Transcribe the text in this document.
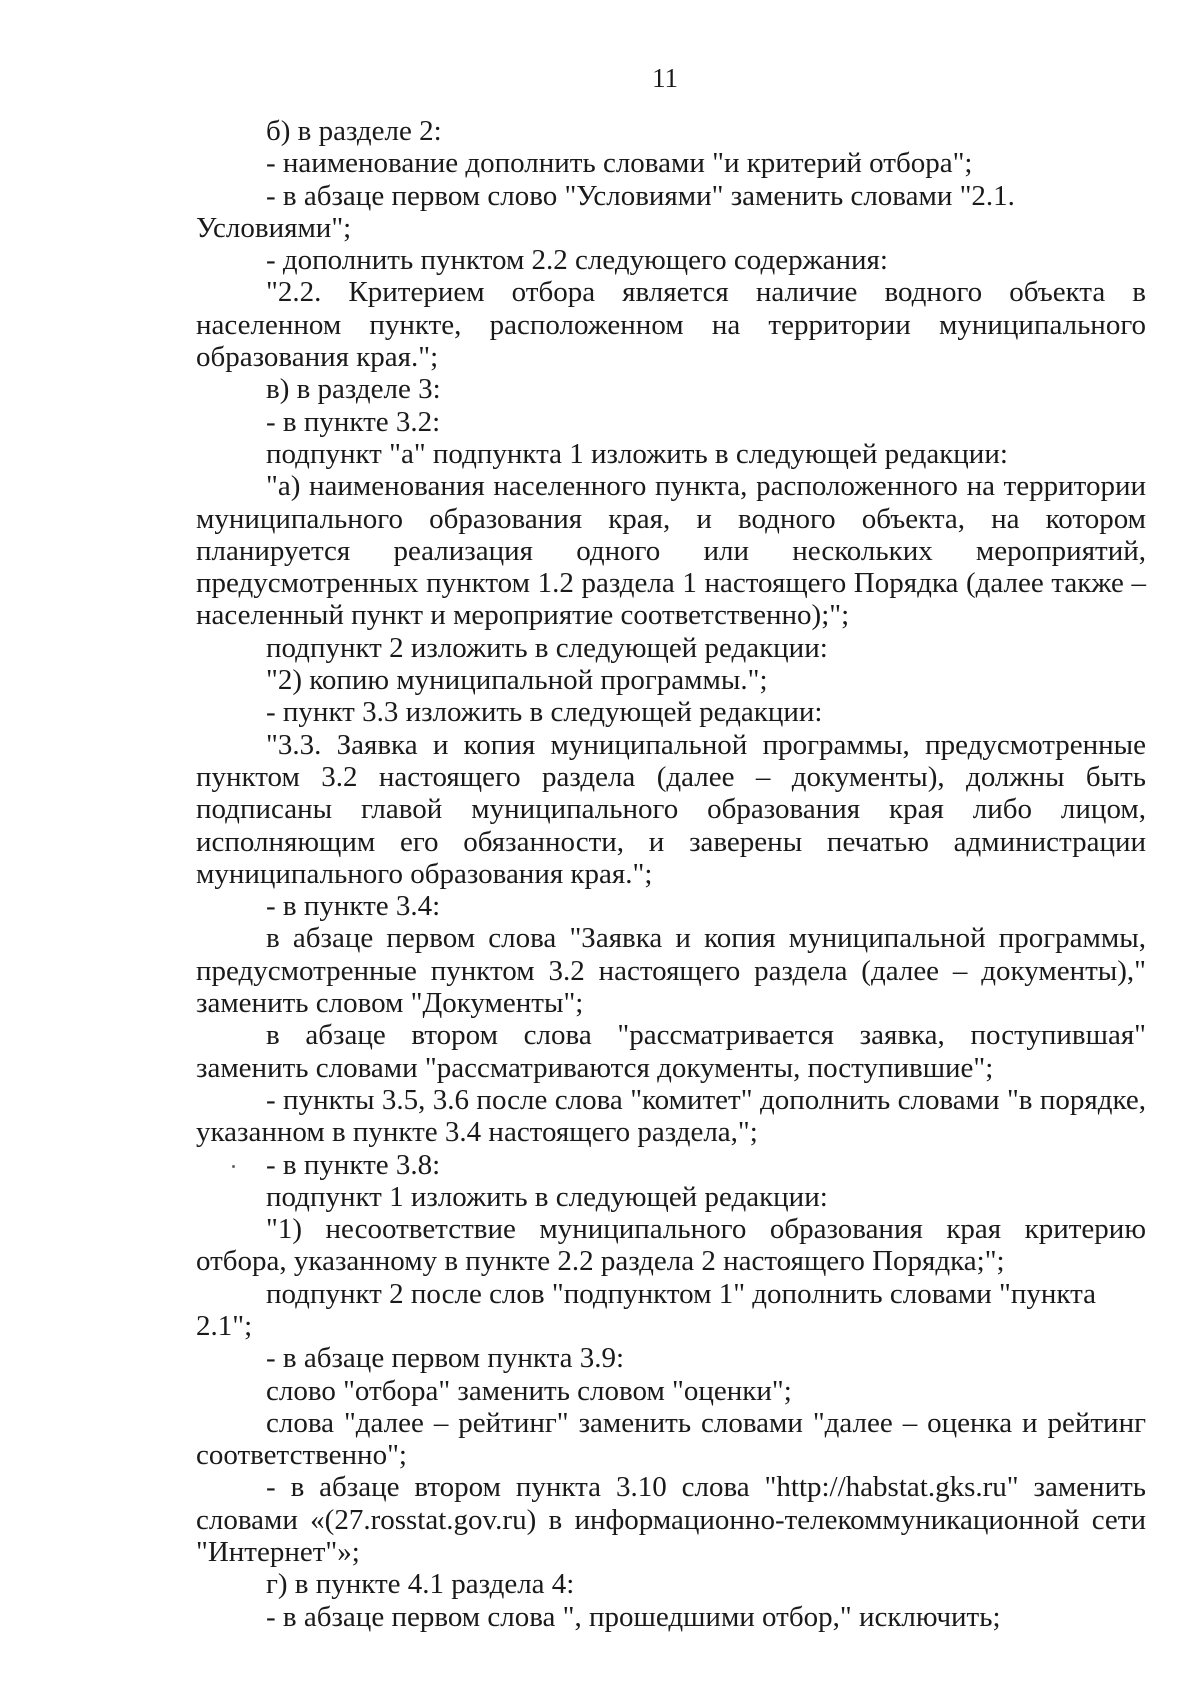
11

б) в разделе 2:

- наименование дополнить словами "и критерий отбора";

- в абзаце первом слово "Условиями" заменить словами "2.1. Условиями";

- дополнить пунктом 2.2 следующего содержания:

"2.2. Критерием отбора является наличие водного объекта в населенном пункте, расположенном на территории муниципального образования края.";

в) в разделе 3:

- в пункте 3.2:

подпункт "а" подпункта 1 изложить в следующей редакции:

"а) наименования населенного пункта, расположенного на территории муниципального образования края, и водного объекта, на котором планируется реализация одного или нескольких мероприятий, предусмотренных пунктом 1.2 раздела 1 настоящего Порядка (далее также – населенный пункт и мероприятие соответственно);";

подпункт 2 изложить в следующей редакции:

"2) копию муниципальной программы.";

- пункт 3.3 изложить в следующей редакции:

"3.3. Заявка и копия муниципальной программы, предусмотренные пунктом 3.2 настоящего раздела (далее – документы), должны быть подписаны главой муниципального образования края либо лицом, исполняющим его обязанности, и заверены печатью администрации муниципального образования края.";

- в пункте 3.4:

в абзаце первом слова "Заявка и копия муниципальной программы, предусмотренные пунктом 3.2 настоящего раздела (далее – документы)," заменить словом "Документы";

в абзаце втором слова "рассматривается заявка, поступившая" заменить словами "рассматриваются документы, поступившие";

- пункты 3.5, 3.6 после слова "комитет" дополнить словами "в порядке, указанном в пункте 3.4 настоящего раздела,";

- в пункте 3.8:

подпункт 1 изложить в следующей редакции:

"1) несоответствие муниципального образования края критерию отбора, указанному в пункте 2.2 раздела 2 настоящего Порядка;";

подпункт 2 после слов "подпунктом 1" дополнить словами "пункта 2.1";

- в абзаце первом пункта 3.9:

слово "отбора" заменить словом "оценки";

слова "далее – рейтинг" заменить словами "далее – оценка и рейтинг соответственно";

- в абзаце втором пункта 3.10 слова "http://habstat.gks.ru" заменить словами «(27.rosstat.gov.ru) в информационно-телекоммуникационной сети "Интернет"»;

г) в пункте 4.1 раздела 4:

- в абзаце первом слова ", прошедшими отбор," исключить;
